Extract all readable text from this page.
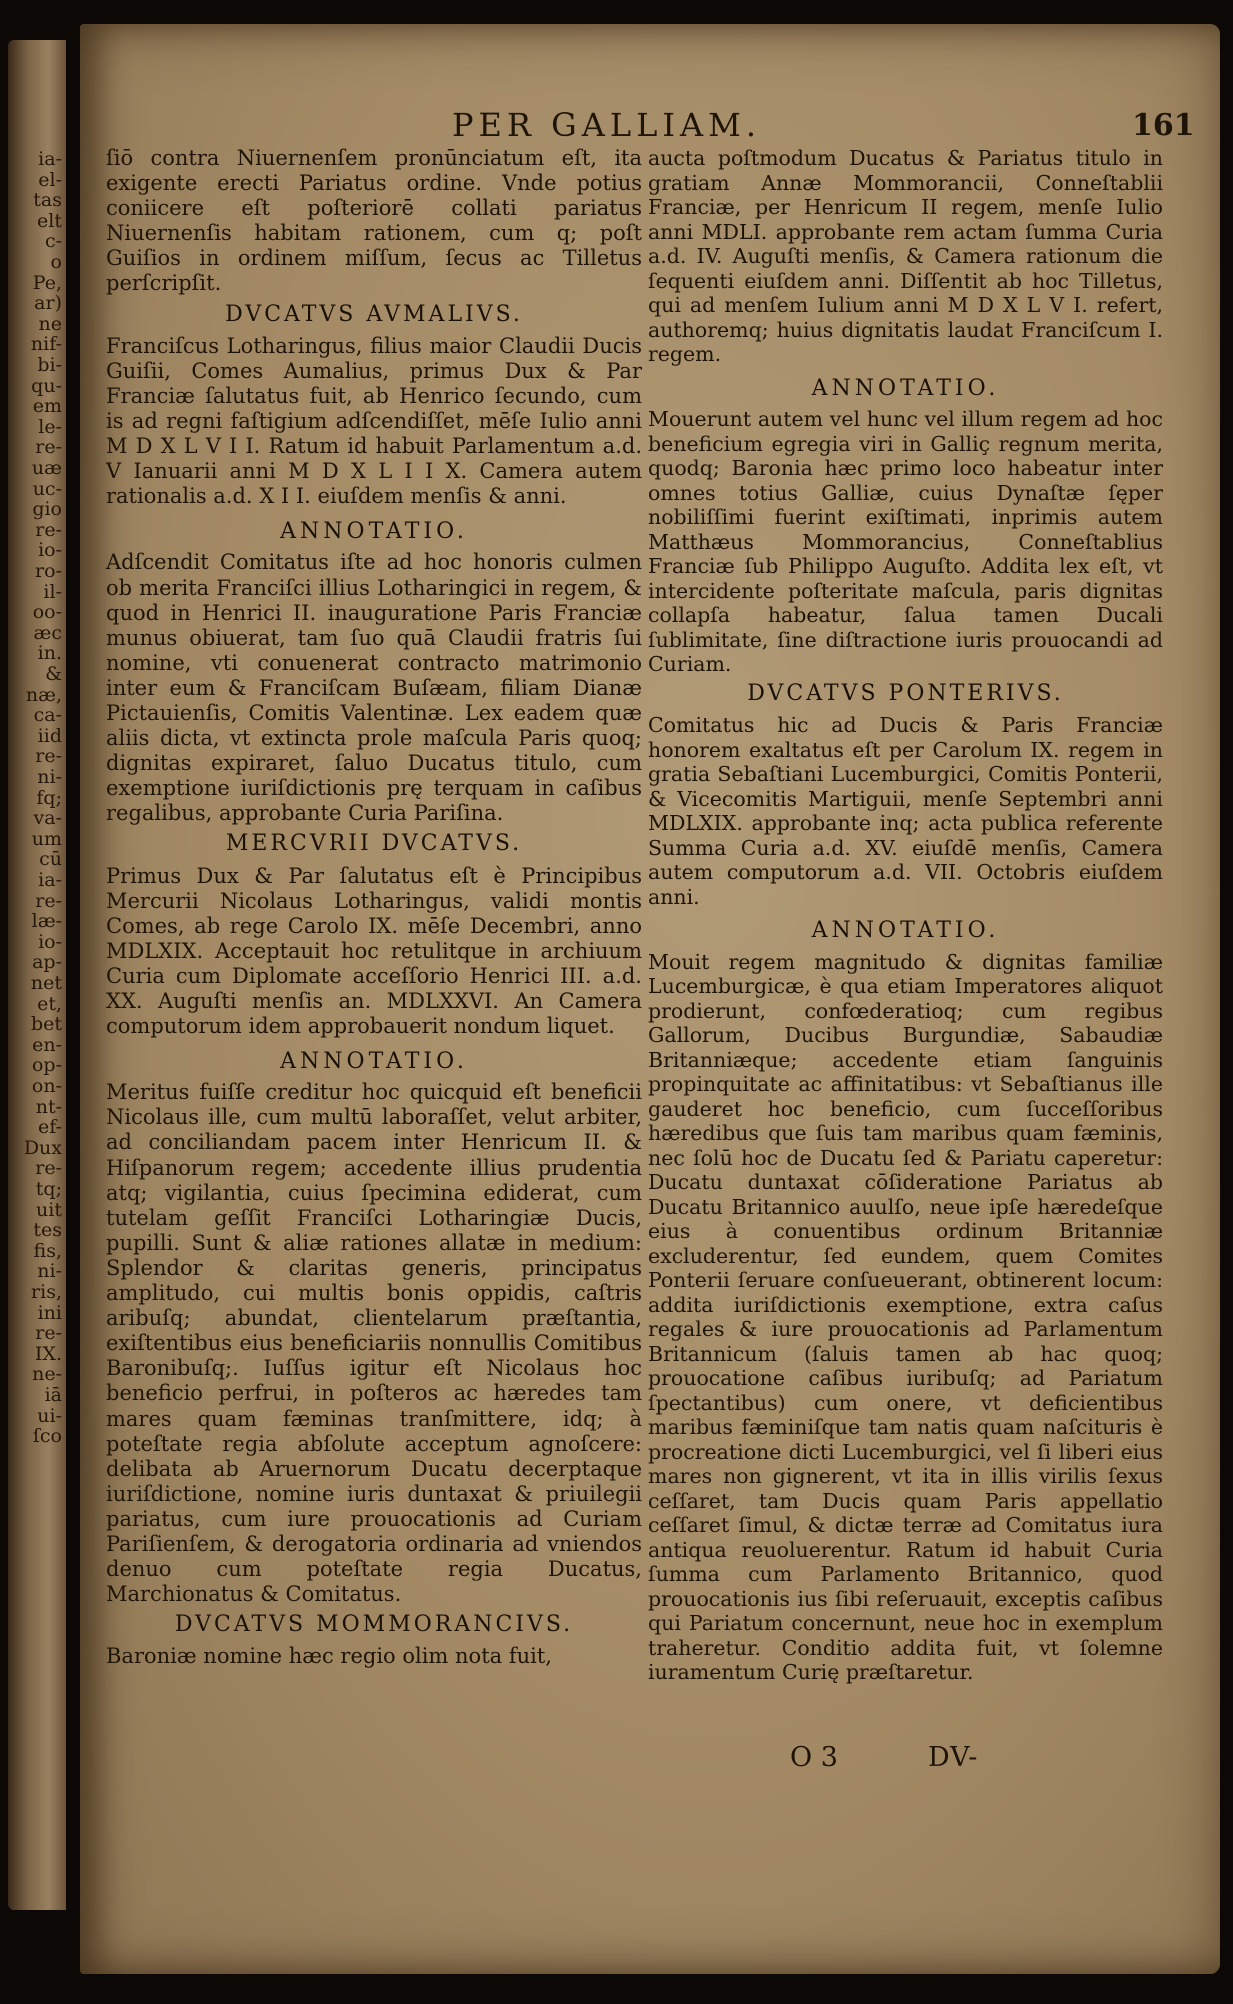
ia-
el-
tas
elt
c-
o
Pe,
ar)
ne
nif-
bi-
qu-
em
le-
re-
uæ
uc-
gio
re-
io-
ro-
il-
oo-
æc
in.
&
næ,
ca-
iid
re-
ni-
fq;
va-
um
cū
ia-
re-
læ-
io-
ap-
net
et,
bet
en-
op-
on-
nt-
ef-
Dux
re-
tq;
uit
tes
fis,
ni-
ris,
ini
re-
IX.
ne-
iā
ui-
ſco
PER GALLIAM.	161
ſiō contra Niuernenſem pronūnciatum eſt, ita exigente erecti Pariatus ordine. Vnde potius coniicere eſt poſteriorē collati pariatus Niuernenſis habitam rationem, cum q; poſt Guiſios in ordinem miſſum, ſecus ac Tilletus perſcripſit.
DVCATVS AVMALIVS.
Franciſcus Lotharingus, filius maior Claudii Ducis Guiſii, Comes Aumalius, primus Dux & Par Franciæ ſalutatus fuit, ab Henrico ſecundo, cum is ad regni faſtigium adſcendiſſet, mēſe Iulio anni M D X L V I I. Ratum id habuit Parlamentum a.d. V Ianuarii anni M D X L I I X. Camera autem rationalis a.d. X I I. eiuſdem menſis & anni.
ANNOTATIO.
Adſcendit Comitatus iſte ad hoc honoris culmen ob merita Franciſci illius Lotharingici in regem, & quod in Henrici II. inauguratione Paris Franciæ munus obiuerat, tam ſuo quā Claudii fratris ſui nomine, vti conuenerat contracto matrimonio inter eum & Franciſcam Buſæam, filiam Dianæ Pictauienſis, Comitis Valentinæ. Lex eadem quæ aliis dicta, vt extincta prole maſcula Paris quoq; dignitas expiraret, ſaluo Ducatus titulo, cum exemptione iuriſdictionis prę terquam in caſibus regalibus, approbante Curia Pariſina.
MERCVRII DVCATVS.
Primus Dux & Par ſalutatus eſt è Principibus Mercurii Nicolaus Lotharingus, validi montis Comes, ab rege Carolo IX. mēſe Decembri, anno MDLXIX. Acceptauit hoc retulitque in archiuum Curia cum Diplomate acceſſorio Henrici III. a.d. XX. Auguſti menſis an. MDLXXVI. An Camera computorum idem approbauerit nondum liquet.
ANNOTATIO.
Meritus fuiſſe creditur hoc quicquid eſt beneficii Nicolaus ille, cum multū laboraſſet, velut arbiter, ad conciliandam pacem inter Henricum II. & Hiſpanorum regem; accedente illius prudentia atq; vigilantia, cuius ſpecimina ediderat, cum tutelam geſſit Franciſci Lotharingiæ Ducis, pupilli. Sunt & aliæ rationes allatæ in medium: Splendor & claritas generis, principatus amplitudo, cui multis bonis oppidis, caſtris aribuſq; abundat, clientelarum præſtantia, exiſtentibus eius beneficiariis nonnullis Comitibus Baronibuſq;. Iuſſus igitur eſt Nicolaus hoc beneficio perfrui, in poſteros ac hæredes tam mares quam fæminas tranſmittere, idq; à poteſtate regia abſolute acceptum agnoſcere: delibata ab Aruernorum Ducatu decerptaque iuriſdictione, nomine iuris duntaxat & priuilegii pariatus, cum iure prouocationis ad Curiam Pariſienſem, & derogatoria ordinaria ad vniendos denuo cum poteſtate regia Ducatus, Marchionatus & Comitatus.
DVCATVS MOMMORANCIVS.
Baroniæ nomine hæc regio olim nota fuit,
aucta poſtmodum Ducatus & Pariatus titulo in gratiam Annæ Mommorancii, Conneſtablii Franciæ, per Henricum II regem, menſe Iulio anni MDLI. approbante rem actam ſumma Curia a.d. IV. Auguſti menſis, & Camera rationum die ſequenti eiuſdem anni. Diſſentit ab hoc Tilletus, qui ad menſem Iulium anni M D X L V I. refert, authoremq; huius dignitatis laudat Franciſcum I. regem.
ANNOTATIO.
Mouerunt autem vel hunc vel illum regem ad hoc beneficium egregia viri in Galliç regnum merita, quodq; Baronia hæc primo loco habeatur inter omnes totius Galliæ, cuius Dynaſtæ ſęper nobiliſſimi fuerint exiſtimati, inprimis autem Matthæus Mommorancius, Conneſtablius Franciæ ſub Philippo Auguſto. Addita lex eſt, vt intercidente poſteritate maſcula, paris dignitas collapſa habeatur, ſalua tamen Ducali ſublimitate, ſine diſtractione iuris prouocandi ad Curiam.
DVCATVS PONTERIVS.
Comitatus hic ad Ducis & Paris Franciæ honorem exaltatus eſt per Carolum IX. regem in gratia Sebaſtiani Lucemburgici, Comitis Ponterii, & Vicecomitis Martiguii, menſe Septembri anni MDLXIX. approbante inq; acta publica referente Summa Curia a.d. XV. eiuſdē menſis, Camera autem computorum a.d. VII. Octobris eiuſdem anni.
ANNOTATIO.
Mouit regem magnitudo & dignitas familiæ Lucemburgicæ, è qua etiam Imperatores aliquot prodierunt, confœderatioq; cum regibus Gallorum, Ducibus Burgundiæ, Sabaudiæ Britanniæque; accedente etiam ſanguinis propinquitate ac affinitatibus: vt Sebaſtianus ille gauderet hoc beneficio, cum ſucceſſoribus hæredibus que ſuis tam maribus quam fæminis, nec ſolū hoc de Ducatu ſed & Pariatu caperetur: Ducatu duntaxat cōſideratione Pariatus ab Ducatu Britannico auulſo, neue ipſe hæredeſque eius à conuentibus ordinum Britanniæ excluderentur, ſed eundem, quem Comites Ponterii ſeruare conſueuerant, obtinerent locum: addita iuriſdictionis exemptione, extra caſus regales & iure prouocationis ad Parlamentum Britannicum (ſaluis tamen ab hac quoq; prouocatione caſibus iuribuſq; ad Pariatum ſpectantibus) cum onere, vt deficientibus maribus fæminiſque tam natis quam naſcituris è procreatione dicti Lucemburgici, vel ſi liberi eius mares non gignerent, vt ita in illis virilis ſexus ceſſaret, tam Ducis quam Paris appellatio ceſſaret ſimul, & dictæ terræ ad Comitatus iura antiqua reuoluerentur. Ratum id habuit Curia ſumma cum Parlamento Britannico, quod prouocationis ius ſibi reſeruauit, exceptis caſibus qui Pariatum concernunt, neue hoc in exemplum traheretur. Conditio addita fuit, vt ſolemne iuramentum Curię præſtaretur.
O 3	DV-
